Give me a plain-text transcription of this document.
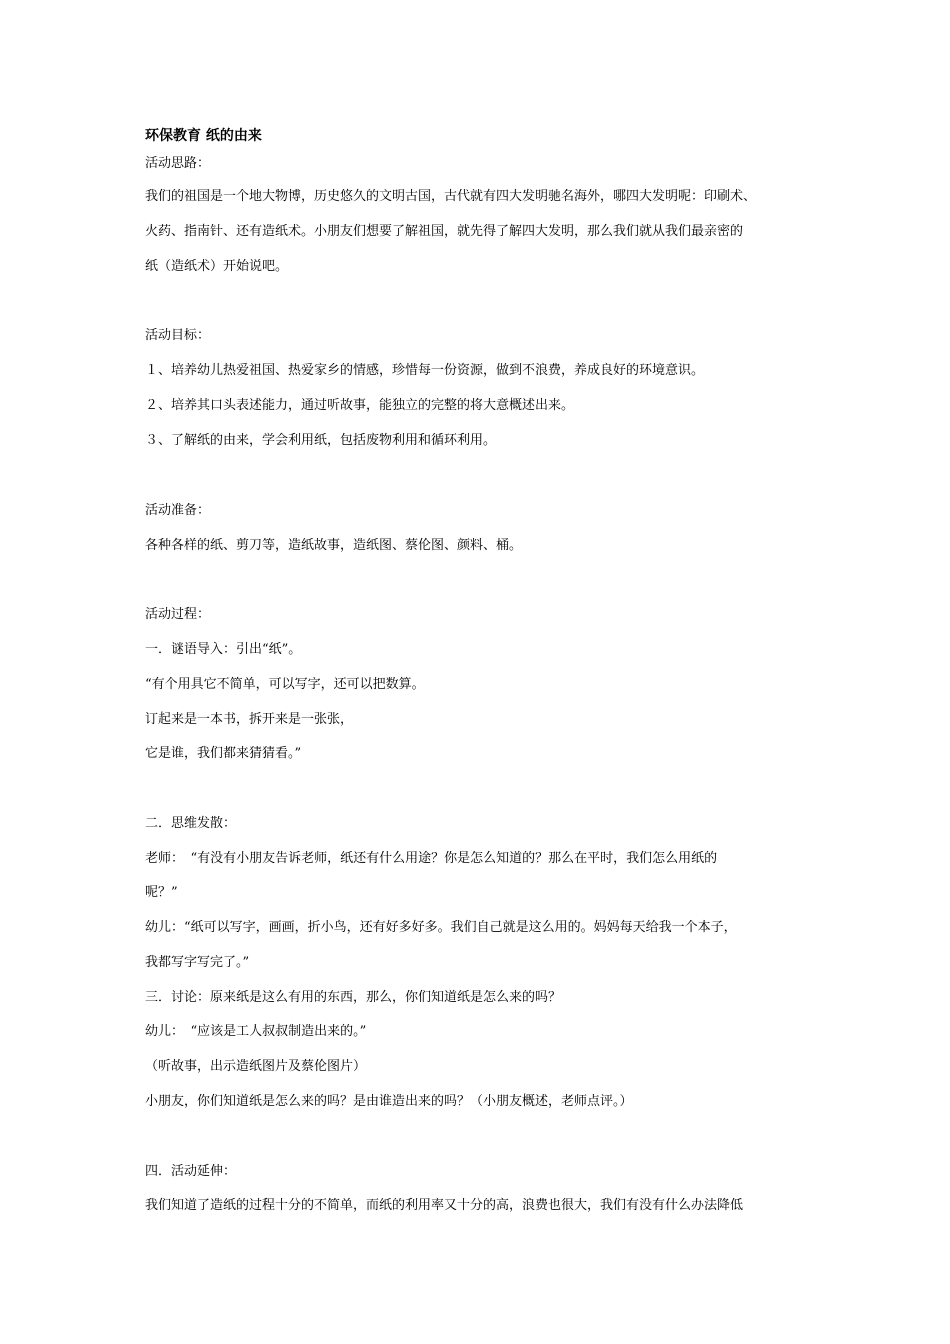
环保教育 纸的由来
活动思路：
我们的祖国是一个地大物博，历史悠久的文明古国，古代就有四大发明驰名海外，哪四大发明呢：印刷术、
火药、指南针、还有造纸术。小朋友们想要了解祖国，就先得了解四大发明，那么我们就从我们最亲密的
纸（造纸术）开始说吧。
活动目标：
１、培养幼儿热爱祖国、热爱家乡的情感，珍惜每一份资源，做到不浪费，养成良好的环境意识。
２、培养其口头表述能力，通过听故事，能独立的完整的将大意概述出来。
３、了解纸的由来，学会利用纸，包括废物利用和循环利用。
活动准备：
各种各样的纸、剪刀等，造纸故事，造纸图、蔡伦图、颜料、桶。
活动过程：
一．谜语导入：引出“纸”。
“有个用具它不简单，可以写字，还可以把数算。
订起来是一本书，拆开来是一张张，
它是谁，我们都来猜猜看。”
二．思维发散：
老师：　“有没有小朋友告诉老师，纸还有什么用途？你是怎么知道的？那么在平时，我们怎么用纸的
呢？”
幼儿：“纸可以写字，画画，折小鸟，还有好多好多。我们自己就是这么用的。妈妈每天给我一个本子，
我都写字写完了。”
三．讨论：原来纸是这么有用的东西，那么，你们知道纸是怎么来的吗？
幼儿：　“应该是工人叔叔制造出来的。”
（听故事，出示造纸图片及蔡伦图片）
小朋友，你们知道纸是怎么来的吗？是由谁造出来的吗？（小朋友概述，老师点评。）
四．活动延伸：
我们知道了造纸的过程十分的不简单，而纸的利用率又十分的高，浪费也很大，我们有没有什么办法降低
